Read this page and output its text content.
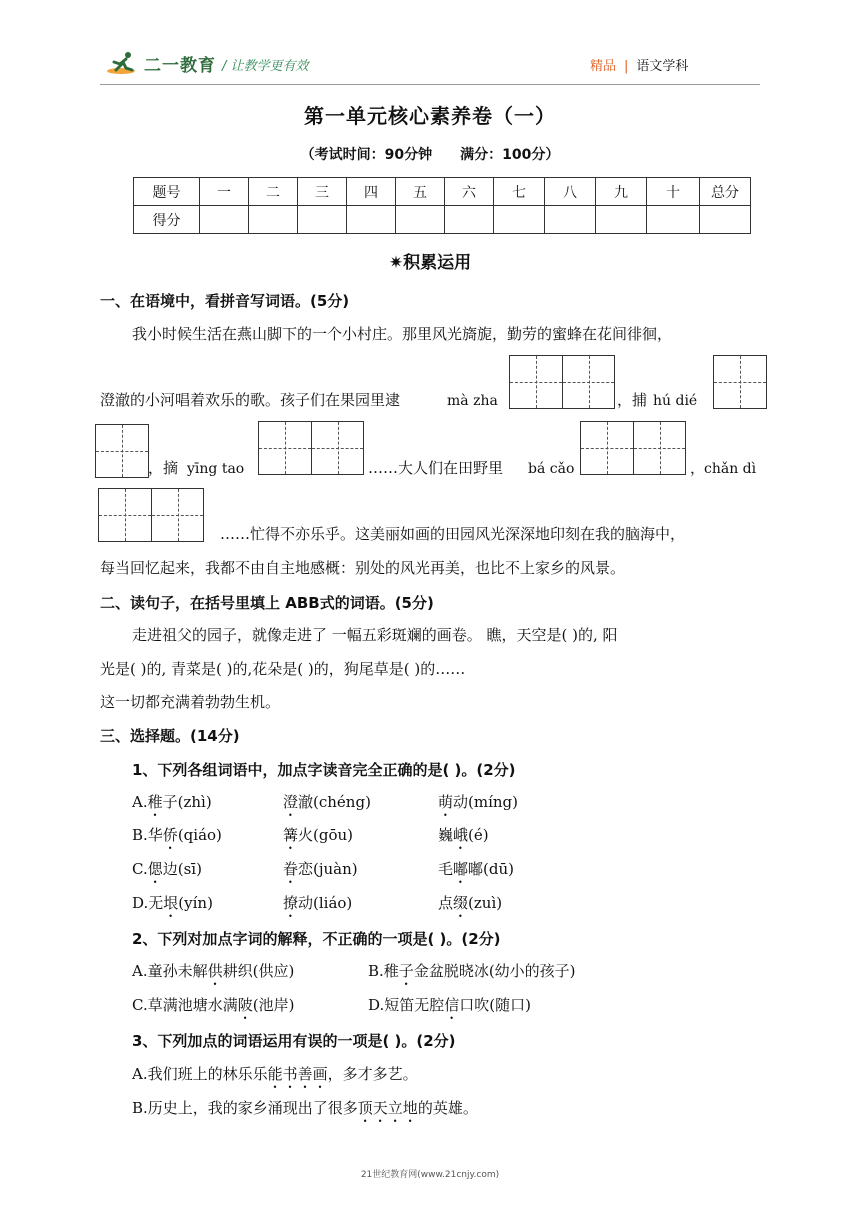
二一教育 / 让教学更有效	精品 | 语文学科
第一单元核心素养卷（一）
（考试时间：90分钟 满分：100分）
题号	一	二	三	四	五	六	七	八	九	十	总分
得分											
✷积累运用
一、在语境中，看拼音写词语。(5分)
我小时候生活在燕山脚下的一个小村庄。那里风光旖旎，勤劳的蜜蜂在花间徘徊，
澄澈的小河唱着欢乐的歌。孩子们在果园里逮	mà zha	，捕 hú dié
，摘 yīng tao	……大人们在田野里 bá cǎo	，
chǎn dì
……忙得不亦乐乎。这美丽如画的田园风光深深地印刻在我的脑海中，
每当回忆起来，我都不由自主地感概：别处的风光再美，也比不上家乡的风景。
二、读句子，在括号里填上 ABB式的词语。(5分)
走进祖父的园子，就像走进了 一幅五彩斑斓的画卷。 瞧，天空是( )的, 阳
光是( )的, 青菜是( )的,花朵是( )的，狗尾草是( )的……
这一切都充满着勃勃生机。
三、选择题。(14分)
1、下列各组词语中，加点字读音完全正确的是( )。(2分)
A.稚子(zhì)	澄澈(chéng)	萌动(míng)
B.华侨(qiáo)	篝火(gōu)	巍峨(é)
C.偲边(sī)	眷恋(juàn)	毛嘟嘟(dū)
D.无垠(yín)	撩动(liáo)	点缀(zuì)
2、下列对加点字词的解释，不正确的一项是( )。(2分)
A.童孙未解供耕织(供应)	B.稚子金盆脱晓冰(幼小的孩子)
C.草满池塘水满陂(池岸)	D.短笛无腔信口吹(随口)
3、下列加点的词语运用有误的一项是( )。(2分)
A.我们班上的林乐乐能书善画，多才多艺。
B.历史上，我的家乡涌现出了很多顶天立地的英雄。
21世纪教育网(www.21cnjy.com)
